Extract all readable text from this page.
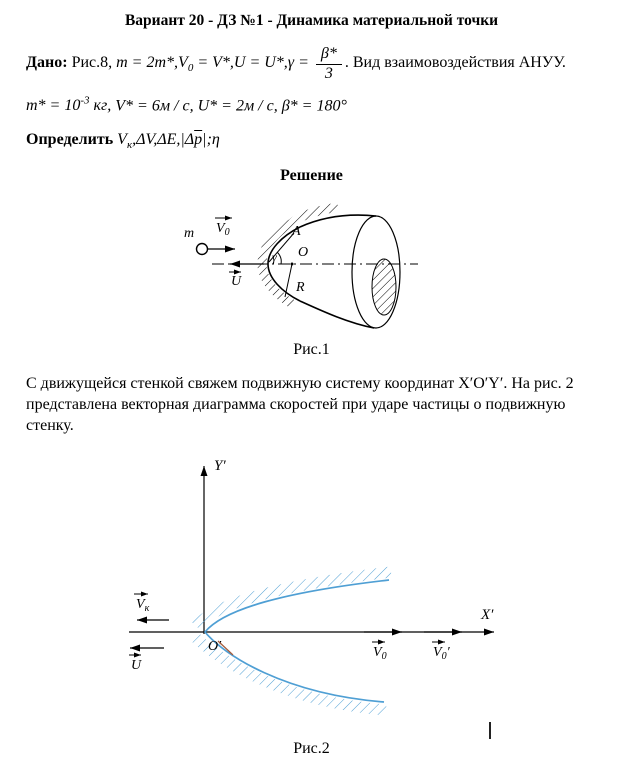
Вариант 20 - ДЗ №1 - Динамика материальной точки

Дано: Рис.8, $m = 2m*,V_0 = V*,U = U*,\gamma = \frac{\beta*}{3}$ . Вид взаимовоздействия АНУУ.

$m* = 10^{-3}$ кг, V* = 6м / с, U* = 2м / с, β* = 180°

Определить $V_к,\Delta V,\Delta E,|\Delta\overline{p}|;\eta$

Решение
m $V_0$
U
γ
A
O
R
Рис.1

С движущейся стенкой свяжем подвижную систему координат X′O′Y′. На рис. 2 представлена векторная диаграмма скоростей при ударе частицы о подвижную стенку.

Y′
X′
$V_к$
U
$V_0$	$V_0'$
O′
Рис.2
